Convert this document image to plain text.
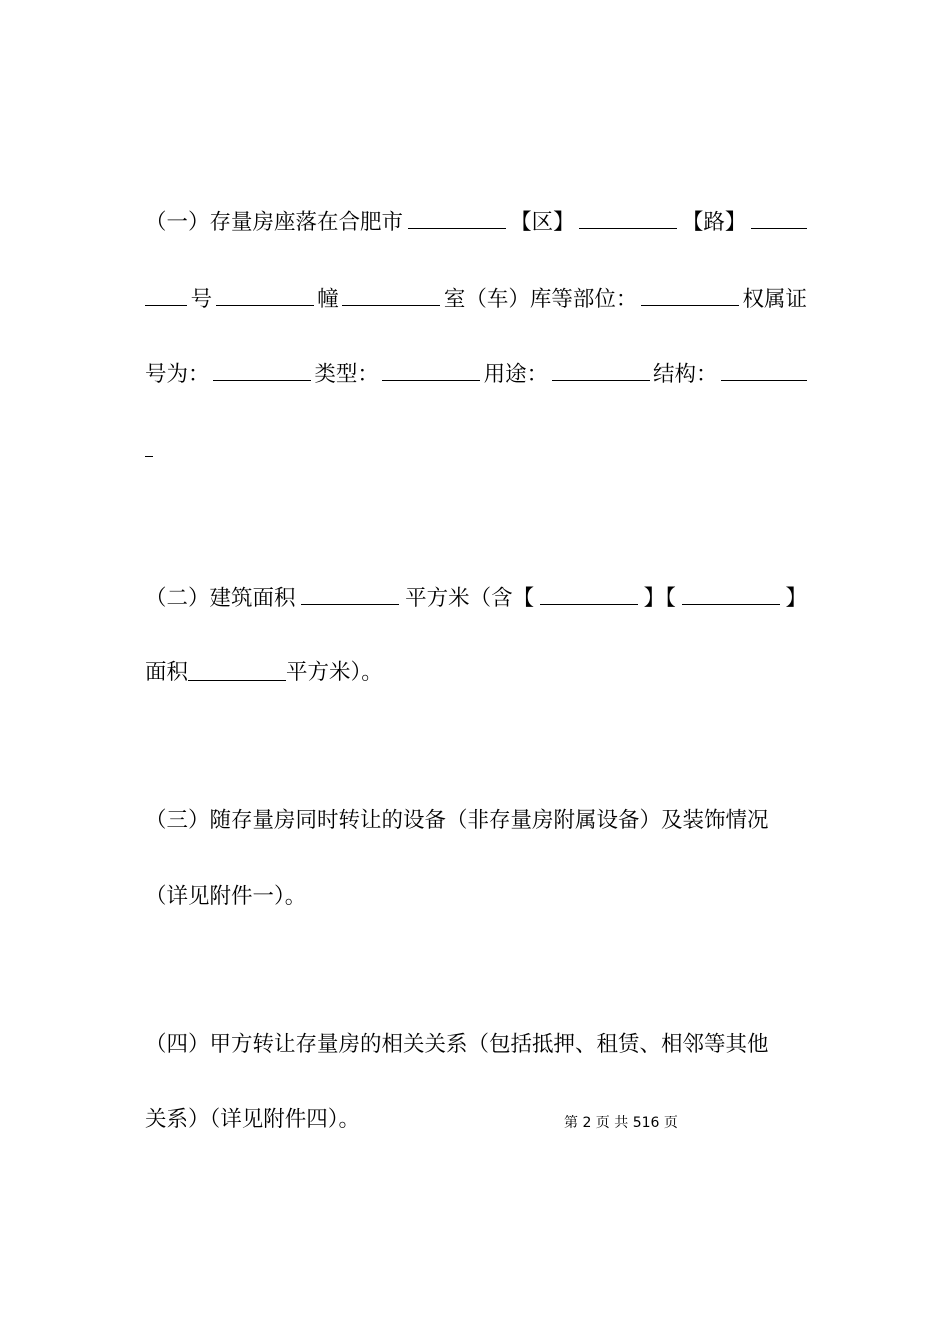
（一）存量房座落在合肥市	【区】	【路】
号	幢	室（车）库等部位：	权属证
号为：	类型：	用途：	结构：
（二）建筑面积	平方米（含【	】【	】
面积	平方米）。
（三）随存量房同时转让的设备（非存量房附属设备）及装饰情况
（详见附件一）。
（四）甲方转让存量房的相关关系（包括抵押、租赁、相邻等其他
关系）（详见附件四）。	第 2 页 共 516 页
